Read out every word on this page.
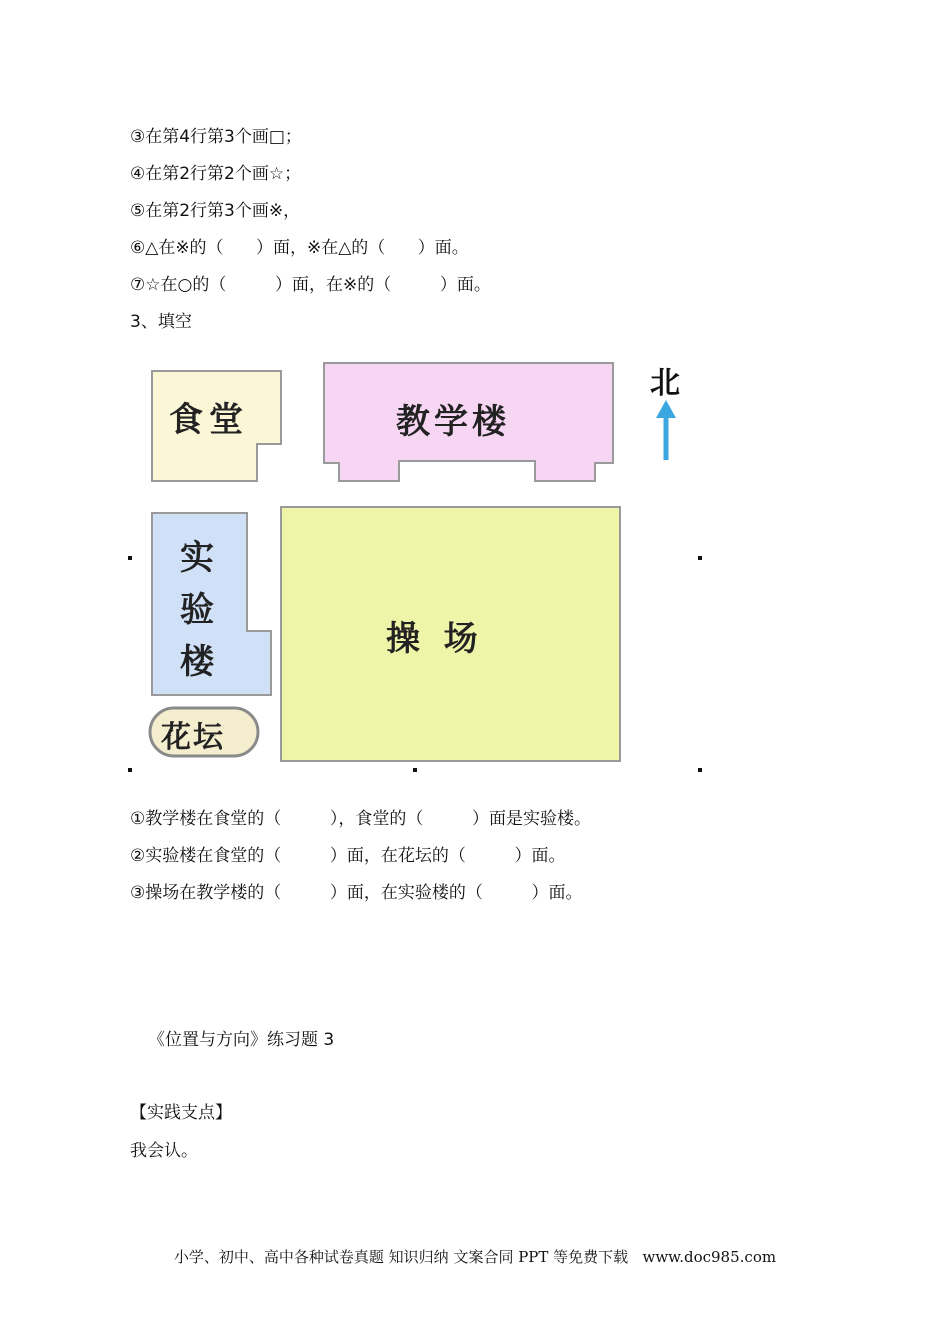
③在第4行第3个画□；
④在第2行第2个画☆；
⑤在第2行第3个画※，
⑥△在※的（      ）面，※在△的（      ）面。
⑦☆在○的（         ）面，在※的（         ）面。
3、填空
食堂	教学楼
实验楼
操  场
花坛
北
①教学楼在食堂的（         ），食堂的（         ）面是实验楼。
②实验楼在食堂的（         ）面，在花坛的（         ）面。
③操场在教学楼的（         ）面，在实验楼的（         ）面。
《位置与方向》练习题 3
【实践支点】
我会认。
小学、初中、高中各种试卷真题 知识归纳 文案合同 PPT 等免费下载   www.doc985.com
